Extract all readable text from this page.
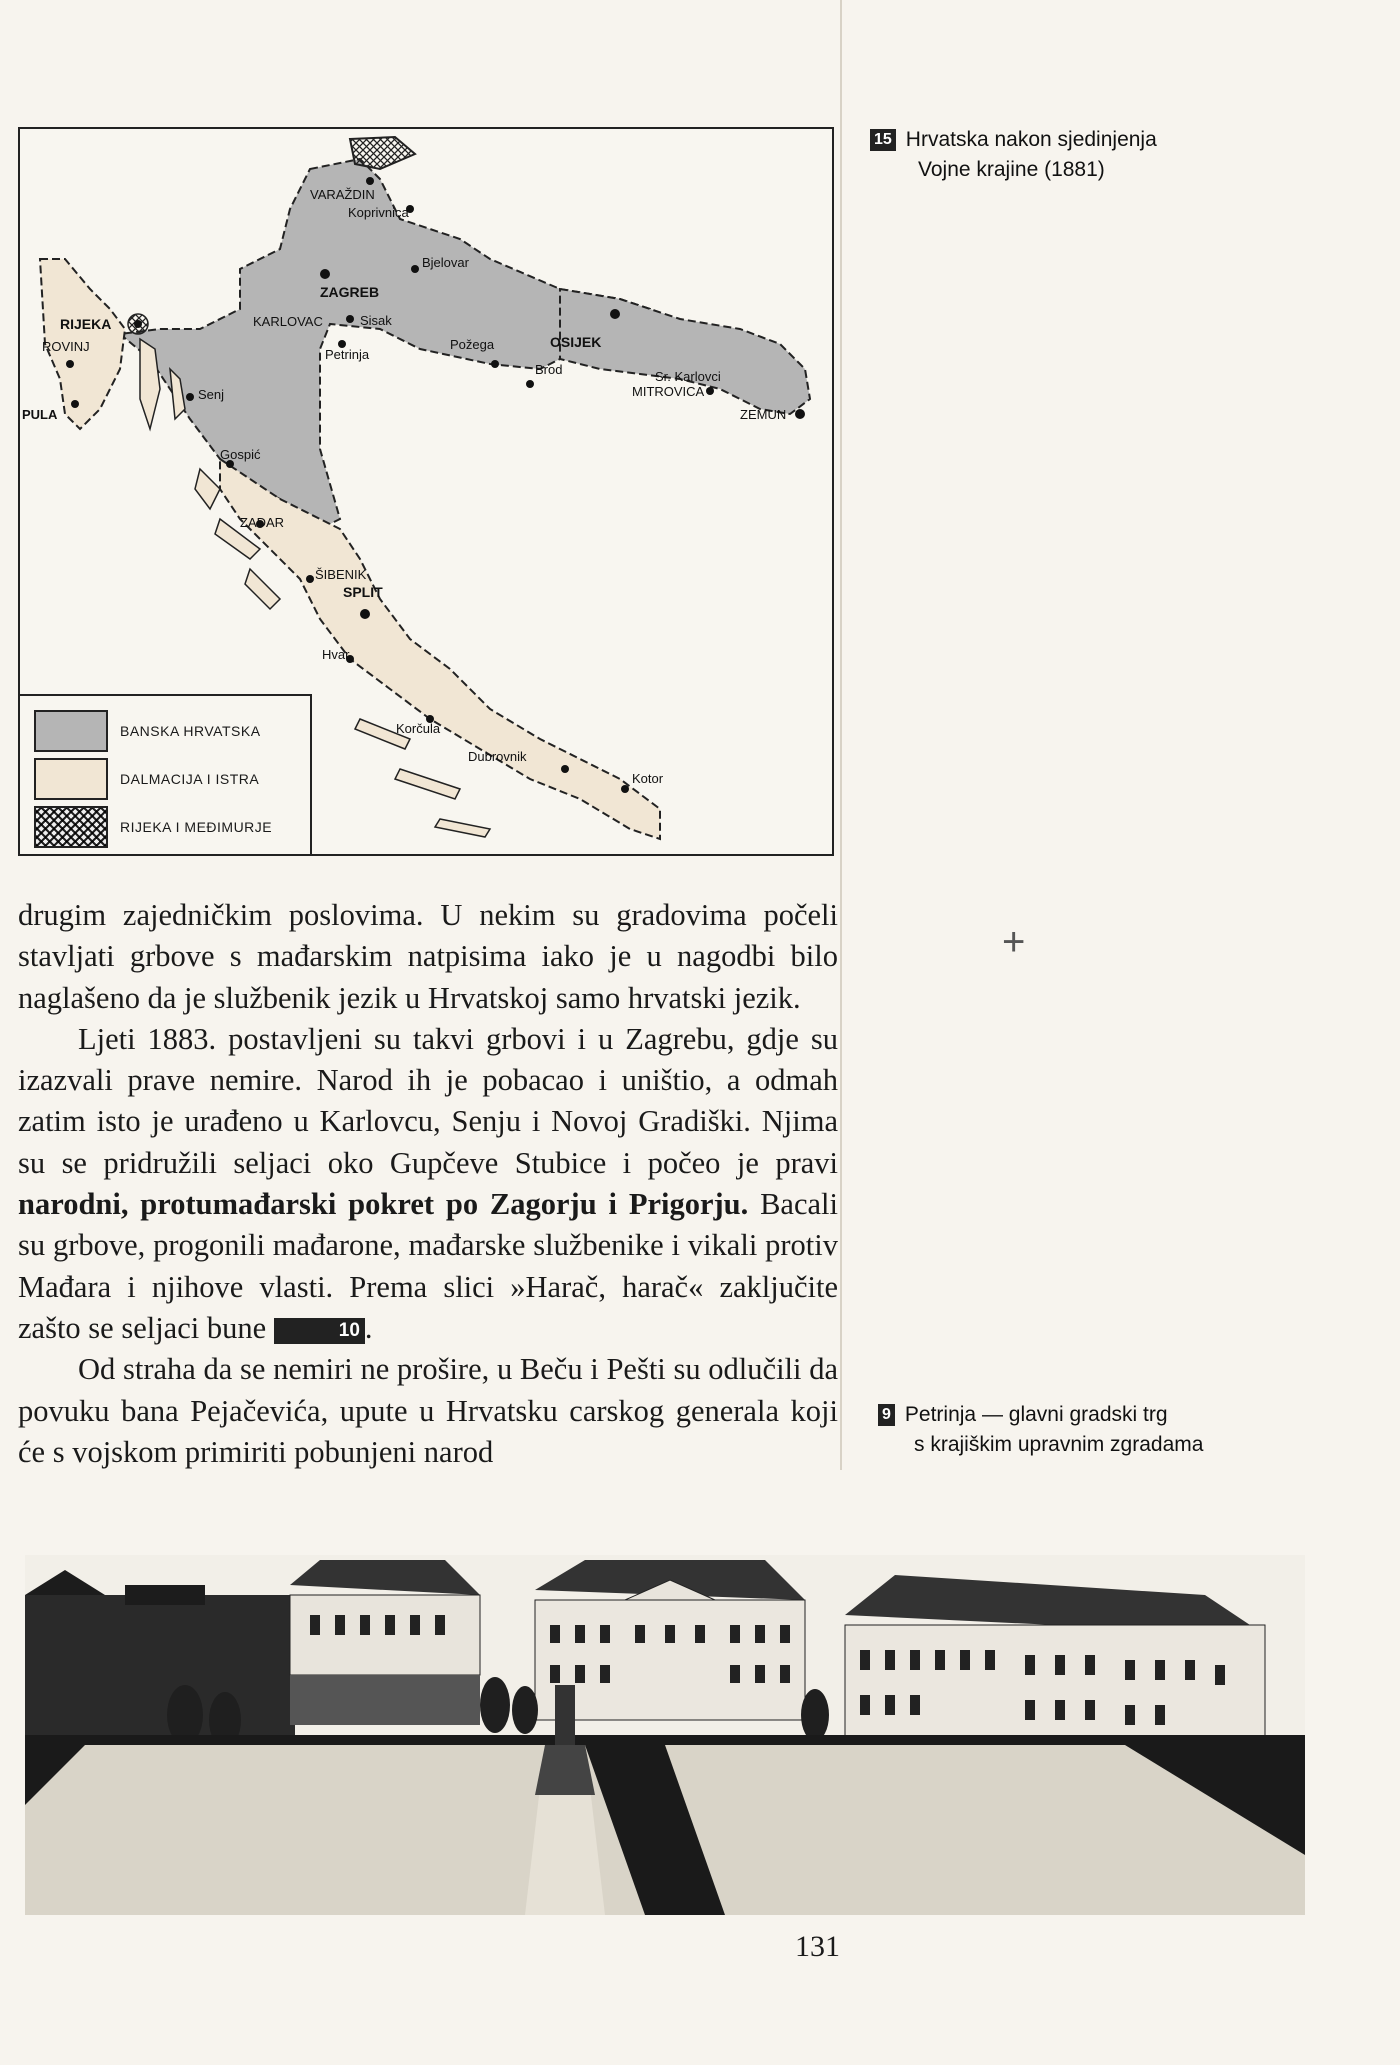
VARAŽDIN
Koprivnica
Bjelovar
ZAGREB
KARLOVAC	Sisak
Petrinja
Požega	OSIJEK
Brod	Sr. Karlovci
MITROVICA
ZEMUN
RIJEKA
ROVINJ
PULA
Senj
Gospić
ZADAR
ŠIBENIK
SPLIT
Hvar
Korčula
Dubrovnik
Kotor
BANSKA HRVATSKA
DALMACIJA I ISTRA
RIJEKA I MEĐIMURJE
15 Hrvatska nakon sjedinjenja
Vojne krajine (1881)
+

drugim zajedničkim poslovima. U nekim su gradovima počeli stavljati grbove s mađarskim natpisima iako je u nagodbi bilo naglašeno da je službenik jezik u Hrvatskoj samo hrvatski jezik.

Ljeti 1883. postavljeni su takvi grbovi i u Zagrebu, gdje su izazvali prave nemire. Narod ih je pobacao i uništio, a odmah zatim isto je urađeno u Karlovcu, Senju i Novoj Gradiški. Njima su se pridružili seljaci oko Gupčeve Stubice i počeo je pravi narodni, protumađarski pokret po Zagorju i Prigorju. Bacali su grbove, progonili mađarone, mađarske službenike i vikali protiv Mađara i njihove vlasti. Prema slici »Harač, harač« zaključite zašto se seljaci bune	10 .

Od straha da se nemiri ne prošire, u Beču i Pešti su odlučili da povuku bana Pejačevića, upute u Hrvatsku carskog generala koji će s vojskom primiriti pobunjeni narod

9 Petrinja — glavni gradski trg
s krajiškim upravnim zgradama
131
